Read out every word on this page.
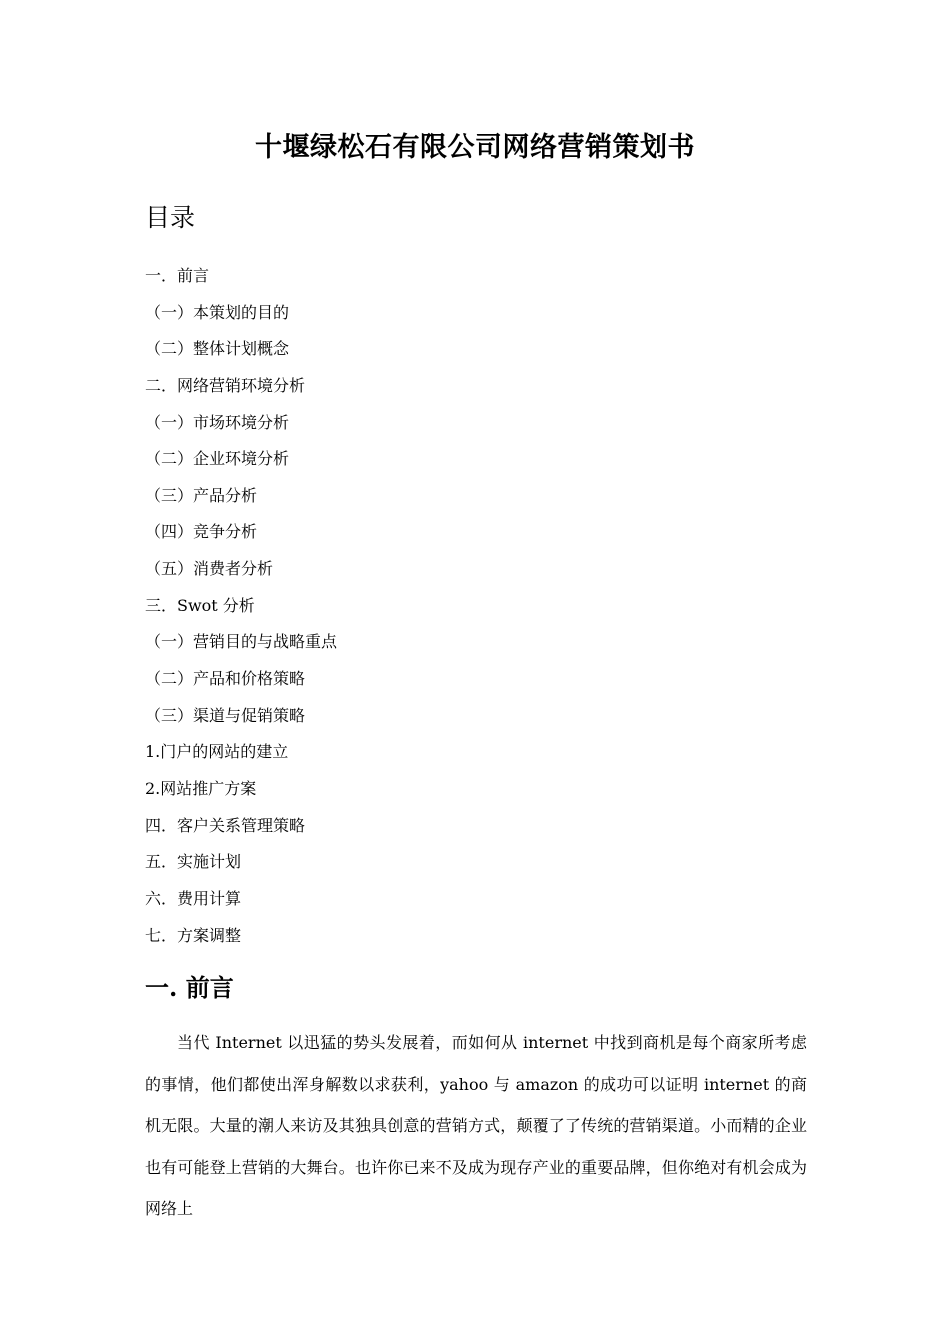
十堰绿松石有限公司网络营销策划书
目录
一．前言
（一）本策划的目的
（二）整体计划概念
二．网络营销环境分析
（一）市场环境分析
（二）企业环境分析
（三）产品分析
（四）竞争分析
（五）消费者分析
三．Swot 分析
（一）营销目的与战略重点
（二）产品和价格策略
（三）渠道与促销策略
1.门户的网站的建立
2.网站推广方案
四．客户关系管理策略
五．实施计划
六．费用计算
七．方案调整
一. 前言

当代 Internet 以迅猛的势头发展着，而如何从 internet 中找到商机是每个商家所考虑的事情，他们都使出浑身解数以求获利，yahoo 与 amazon 的成功可以证明 internet 的商机无限。大量的潮人来访及其独具创意的营销方式，颠覆了了传统的营销渠道。小而精的企业也有可能登上营销的大舞台。也许你已来不及成为现存产业的重要品牌，但你绝对有机会成为网络上
